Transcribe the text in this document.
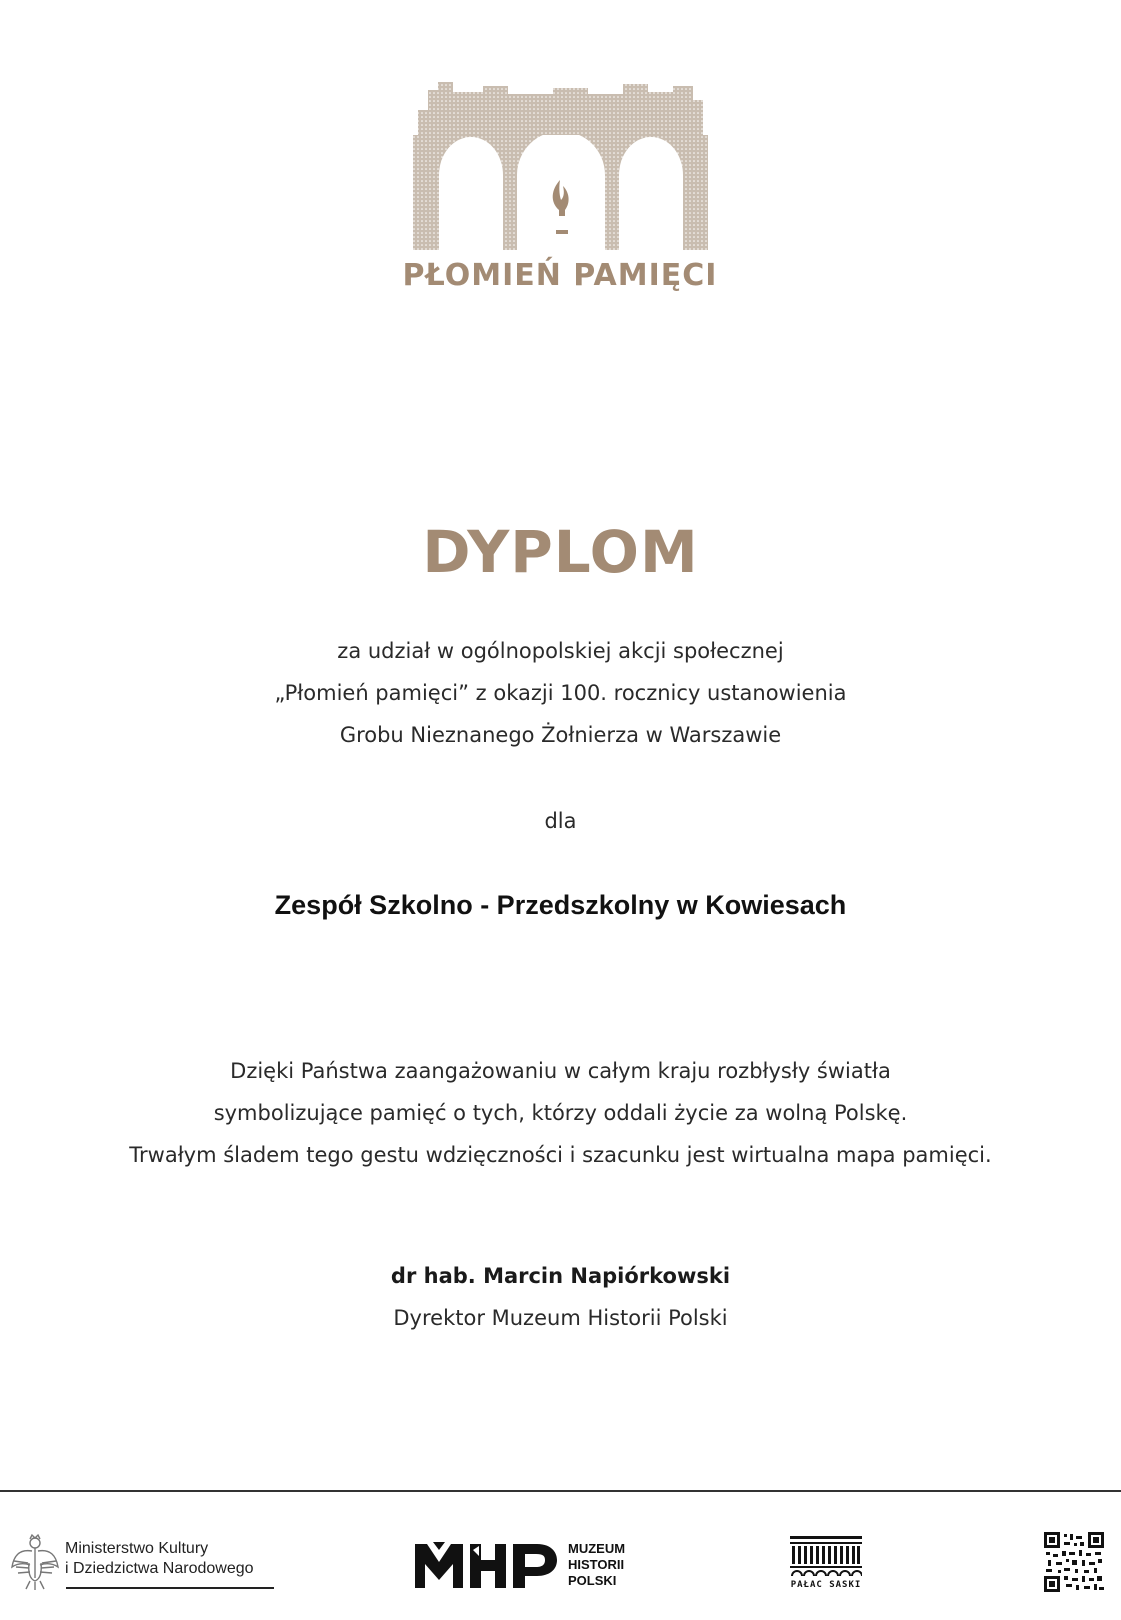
PŁOMIEŃ PAMIĘCI
DYPLOM
za udział w ogólnopolskiej akcji społecznej
„Płomień pamięci” z okazji 100. rocznicy ustanowienia
Grobu Nieznanego Żołnierza w Warszawie
dla
Zespół Szkolno - Przedszkolny w Kowiesach
Dzięki Państwa zaangażowaniu w całym kraju rozbłysły światła
symbolizujące pamięć o tych, którzy oddali życie za wolną Polskę.
Trwałym śladem tego gestu wdzięczności i szacunku jest wirtualna mapa pamięci.
dr hab. Marcin Napiórkowski
Dyrektor Muzeum Historii Polski
Ministerstwo Kultury
i Dziedzictwa Narodowego
MUZEUM
HISTORII
POLSKI	PAŁAC SASKI
